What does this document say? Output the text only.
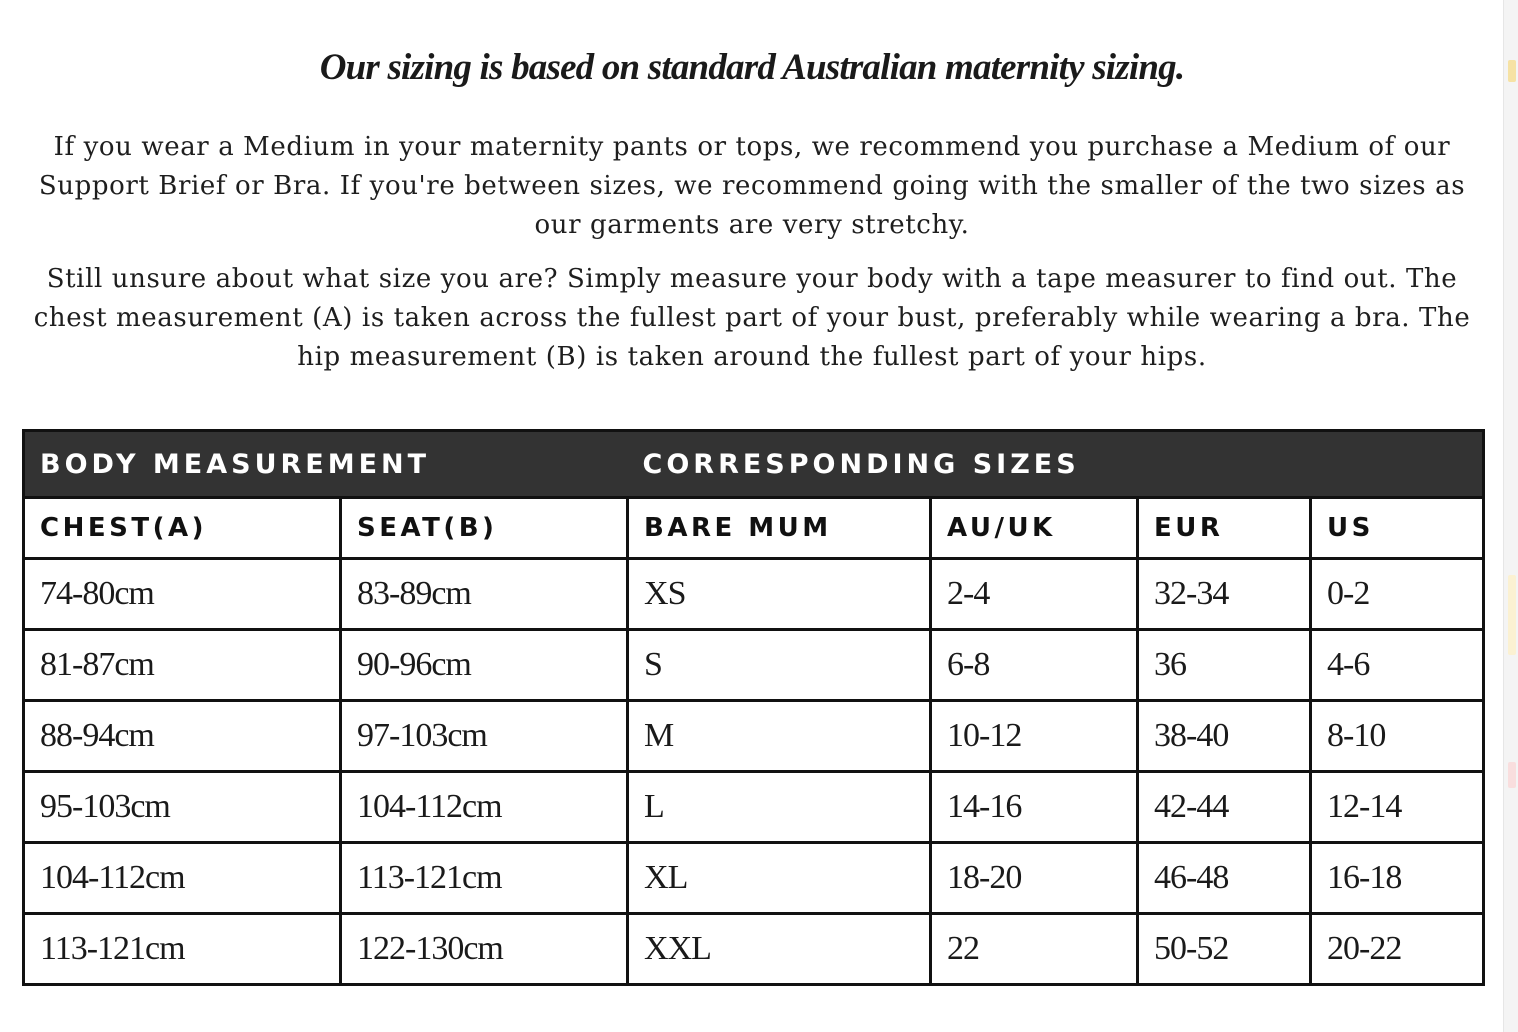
Our sizing is based on standard Australian maternity sizing.

If you wear a Medium in your maternity pants or tops, we recommend you purchase a Medium of our Support Brief or Bra. If you're between sizes, we recommend going with the smaller of the two sizes as our garments are very stretchy.

Still unsure about what size you are? Simply measure your body with a tape measurer to find out. The chest measurement (A) is taken across the fullest part of your bust, preferably while wearing a bra. The hip measurement (B) is taken around the fullest part of your hips.

BODY MEASUREMENT		CORRESPONDING SIZES			
CHEST(A)	SEAT(B)	BARE MUM	AU/UK	EUR	US
74-80cm	83-89cm	XS	2-4	32-34	0-2
81-87cm	90-96cm	S	6-8	36	4-6
88-94cm	97-103cm	M	10-12	38-40	8-10
95-103cm	104-112cm	L	14-16	42-44	12-14
104-112cm	113-121cm	XL	18-20	46-48	16-18
113-121cm	122-130cm	XXL	22	50-52	20-22
